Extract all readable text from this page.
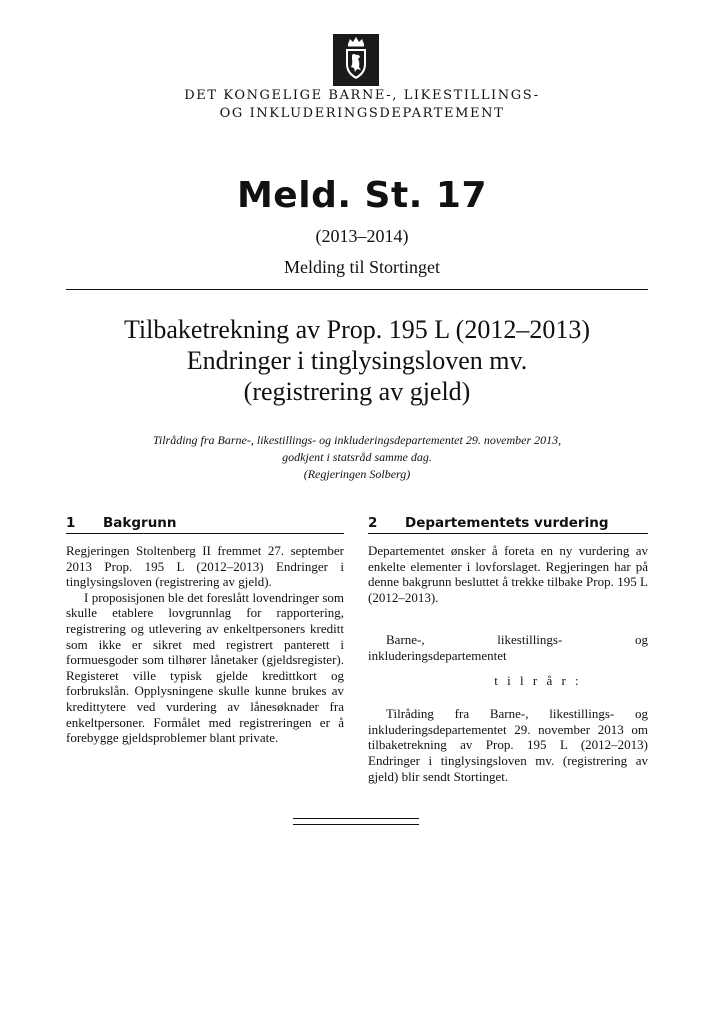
DET KONGELIGE BARNE-, LIKESTILLINGS-
OG INKLUDERINGSDEPARTEMENT
Meld. St. 17
(2013–2014)
Melding til Stortinget
Tilbaketrekning av Prop. 195 L (2012–2013)
Endringer i tinglysingsloven mv.
(registrering av gjeld)
Tilråding fra Barne-, likestillings- og inkluderingsdepartementet 29. november 2013,
godkjent i statsråd samme dag.
(Regjeringen Solberg)
1 Bakgrunn

Regjeringen Stoltenberg II fremmet 27. september 2013 Prop. 195 L (2012–2013) Endringer i tinglysingsloven (registrering av gjeld).

I proposisjonen ble det foreslått lovendringer som skulle etablere lovgrunnlag for rapportering, registrering og utlevering av enkeltpersoners kreditt som ikke er sikret med registrert panterett i formuesgoder som tilhører lånetaker (gjeldsregister). Registeret ville typisk gjelde kredittkort og forbrukslån. Opplysningene skulle kunne brukes av kredittytere ved vurdering av lånesøknader fra enkeltpersoner. Formålet med registreringen er å forebygge gjeldsproblemer blant private.

2 Departementets vurdering

Departementet ønsker å foreta en ny vurdering av enkelte elementer i lovforslaget. Regjeringen har på denne bakgrunn besluttet å trekke tilbake Prop. 195 L (2012–2013).

Barne-, likestillings- og inkluderingsdepartementet

t i l r å r :

Tilråding fra Barne-, likestillings- og inkluderingsdepartementet 29. november 2013 om tilbaketrekning av Prop. 195 L (2012–2013) Endringer i tinglysingsloven mv. (registrering av gjeld) blir sendt Stortinget.
